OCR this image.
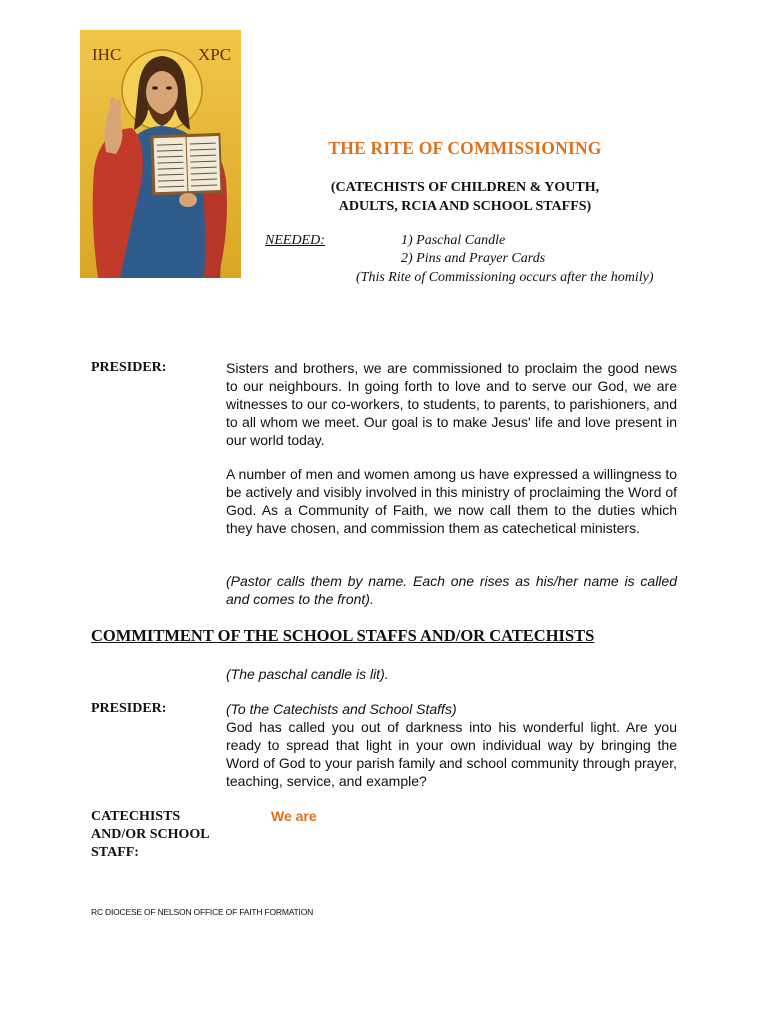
IHC	XPC
THE RITE OF COMMISSIONING
(CATECHISTS OF CHILDREN & YOUTH,
ADULTS, RCIA AND SCHOOL STAFFS)
NEEDED:	1) Paschal Candle
2) Pins and Prayer Cards
(This Rite of Commissioning occurs after the homily)
PRESIDER:	Sisters and brothers, we are commissioned to proclaim the good news to our neighbours. In going forth to love and to serve our God, we are witnesses to our co-workers, to students, to parents, to parishioners, and to all whom we meet. Our goal is to make Jesus' life and love present in our world today.
A number of men and women among us have expressed a willingness to be actively and visibly involved in this ministry of proclaiming the Word of God. As a Community of Faith, we now call them to the duties which they have chosen, and commission them as catechetical ministers.
(Pastor calls them by name. Each one rises as his/her name is called and comes to the front).
COMMITMENT OF THE SCHOOL STAFFS AND/OR CATECHISTS
(The paschal candle is lit).
PRESIDER:	(To the Catechists and School Staffs)
God has called you out of darkness into his wonderful light. Are you ready to spread that light in your own individual way by bringing the Word of God to your parish family and school community through prayer, teaching, service, and example?
CATECHISTS
AND/OR SCHOOL
STAFF:
We are
RC DIOCESE OF NELSON OFFICE OF FAITH FORMATION
